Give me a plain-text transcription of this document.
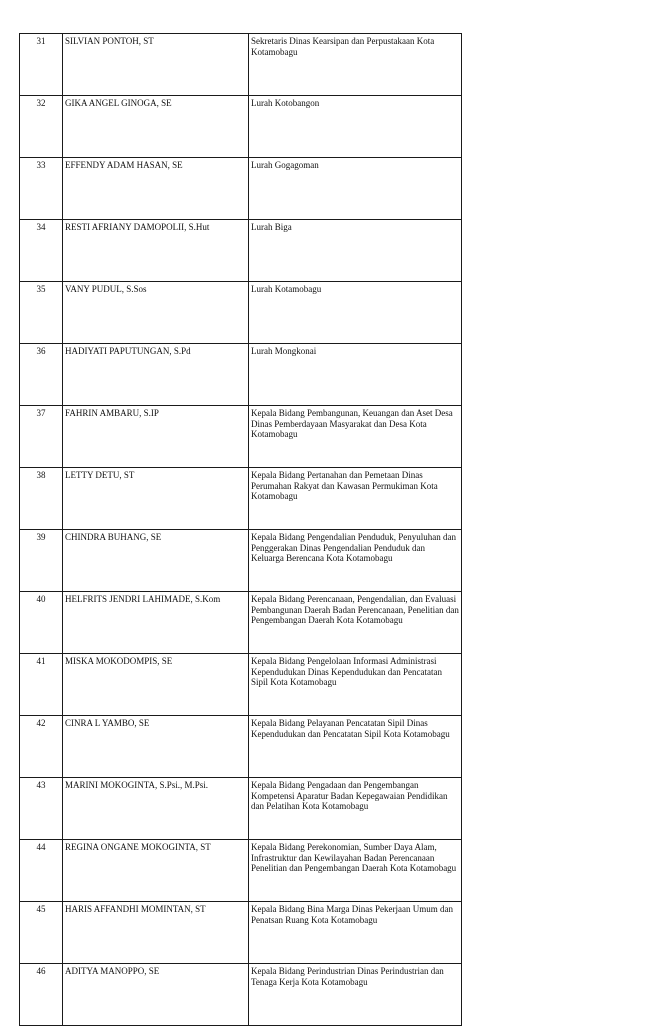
31	SILVIAN PONTOH, ST	Sekretaris Dinas Kearsipan dan Perpustakaan Kota Kotamobagu
32	GIKA ANGEL GINOGA, SE	Lurah Kotobangon
33	EFFENDY ADAM HASAN, SE	Lurah Gogagoman
34	RESTI AFRIANY DAMOPOLII, S.Hut	Lurah Biga
35	VANY PUDUL, S.Sos	Lurah Kotamobagu
36	HADIYATI PAPUTUNGAN, S.Pd	Lurah Mongkonai
37	FAHRIN AMBARU, S.IP	Kepala Bidang Pembangunan, Keuangan dan Aset Desa Dinas Pemberdayaan Masyarakat dan Desa Kota Kotamobagu
38	LETTY DETU, ST	Kepala Bidang Pertanahan dan Pemetaan Dinas Perumahan Rakyat dan Kawasan Permukiman Kota Kotamobagu
39	CHINDRA BUHANG, SE	Kepala Bidang Pengendalian Penduduk, Penyuluhan dan Penggerakan Dinas Pengendalian Penduduk dan Keluarga Berencana Kota Kotamobagu
40	HELFRITS JENDRI LAHIMADE, S.Kom	Kepala Bidang Perencanaan, Pengendalian, dan Evaluasi Pembangunan Daerah Badan Perencanaan, Penelitian dan Pengembangan Daerah Kota Kotamobagu
41	MISKA MOKODOMPIS, SE	Kepala Bidang Pengelolaan Informasi Administrasi Kependudukan Dinas Kependudukan dan Pencatatan Sipil Kota Kotamobagu
42	CINRA L YAMBO, SE	Kepala Bidang Pelayanan Pencatatan Sipil Dinas Kependudukan dan Pencatatan Sipil Kota Kotamobagu
43	MARINI MOKOGINTA, S.Psi., M.Psi.	Kepala Bidang Pengadaan dan Pengembangan Kompetensi Aparatur Badan Kepegawaian Pendidikan dan Pelatihan Kota Kotamobagu
44	REGINA ONGANE MOKOGINTA, ST	Kepala Bidang Perekonomian, Sumber Daya Alam, Infrastruktur dan Kewilayahan Badan Perencanaan Penelitian dan Pengembangan Daerah Kota Kotamobagu
45	HARIS AFFANDHI MOMINTAN, ST	Kepala Bidang Bina Marga Dinas Pekerjaan Umum dan Penatsan Ruang Kota Kotamobagu
46	ADITYA MANOPPO, SE	Kepala Bidang Perindustrian Dinas Perindustrian dan Tenaga Kerja Kota Kotamobagu
